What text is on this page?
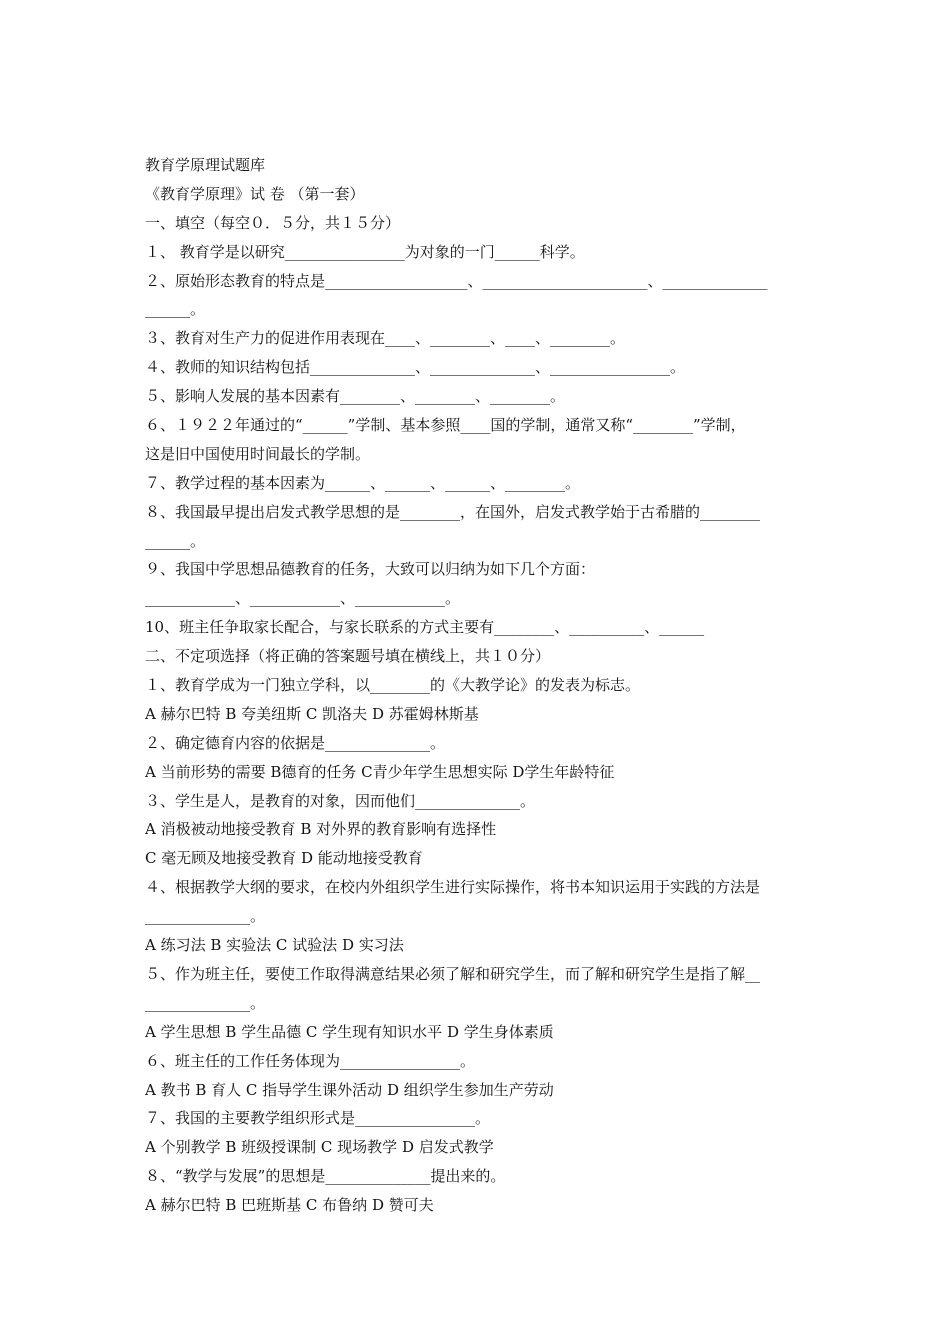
教育学原理试题库
《教育学原理》试 卷 （第一套）
一、填空（每空０．５分，共１５分）
１、 教育学是以研究________________为对象的一门______科学。
２、原始形态教育的特点是___________________、______________________、______________
______。
３、教育对生产力的促进作用表现在____、________、____、________。
４、教师的知识结构包括______________、______________、________________。
５、影响人发展的基本因素有________、________、________。
６、１９２２年通过的“______”学制、基本参照____国的学制，通常又称“________”学制，
这是旧中国使用时间最长的学制。
７、教学过程的基本因素为______、______、______、________。
８、我国最早提出启发式教学思想的是________，在国外，启发式教学始于古希腊的________
______。
９、我国中学思想品德教育的任务，大致可以归纳为如下几个方面：
____________、____________、____________。
10、班主任争取家长配合，与家长联系的方式主要有________、__________、______
二、不定项选择（将正确的答案题号填在横线上，共１０分）
１、教育学成为一门独立学科，以________的《大教学论》的发表为标志。
A 赫尔巴特 B 夸美纽斯 C 凯洛夫 D 苏霍姆林斯基
２、确定德育内容的依据是______________。
A 当前形势的需要 B德育的任务 C青少年学生思想实际 D学生年龄特征
３、学生是人，是教育的对象，因而他们______________。
A 消极被动地接受教育 B 对外界的教育影响有选择性
C 毫无顾及地接受教育 D 能动地接受教育
４、根据教学大纲的要求，在校内外组织学生进行实际操作，将书本知识运用于实践的方法是
______________。
A 练习法 B 实验法 C 试验法 D 实习法
５、作为班主任，要使工作取得满意结果必须了解和研究学生，而了解和研究学生是指了解__
______________。
A 学生思想 B 学生品德 C 学生现有知识水平 D 学生身体素质
６、班主任的工作任务体现为________________。
A 教书 B 育人 C 指导学生课外活动 D 组织学生参加生产劳动
７、我国的主要教学组织形式是________________。
A 个别教学 B 班级授课制 C 现场教学 D 启发式教学
８、“教学与发展”的思想是______________提出来的。
A 赫尔巴特 B 巴班斯基 C 布鲁纳 D 赞可夫
